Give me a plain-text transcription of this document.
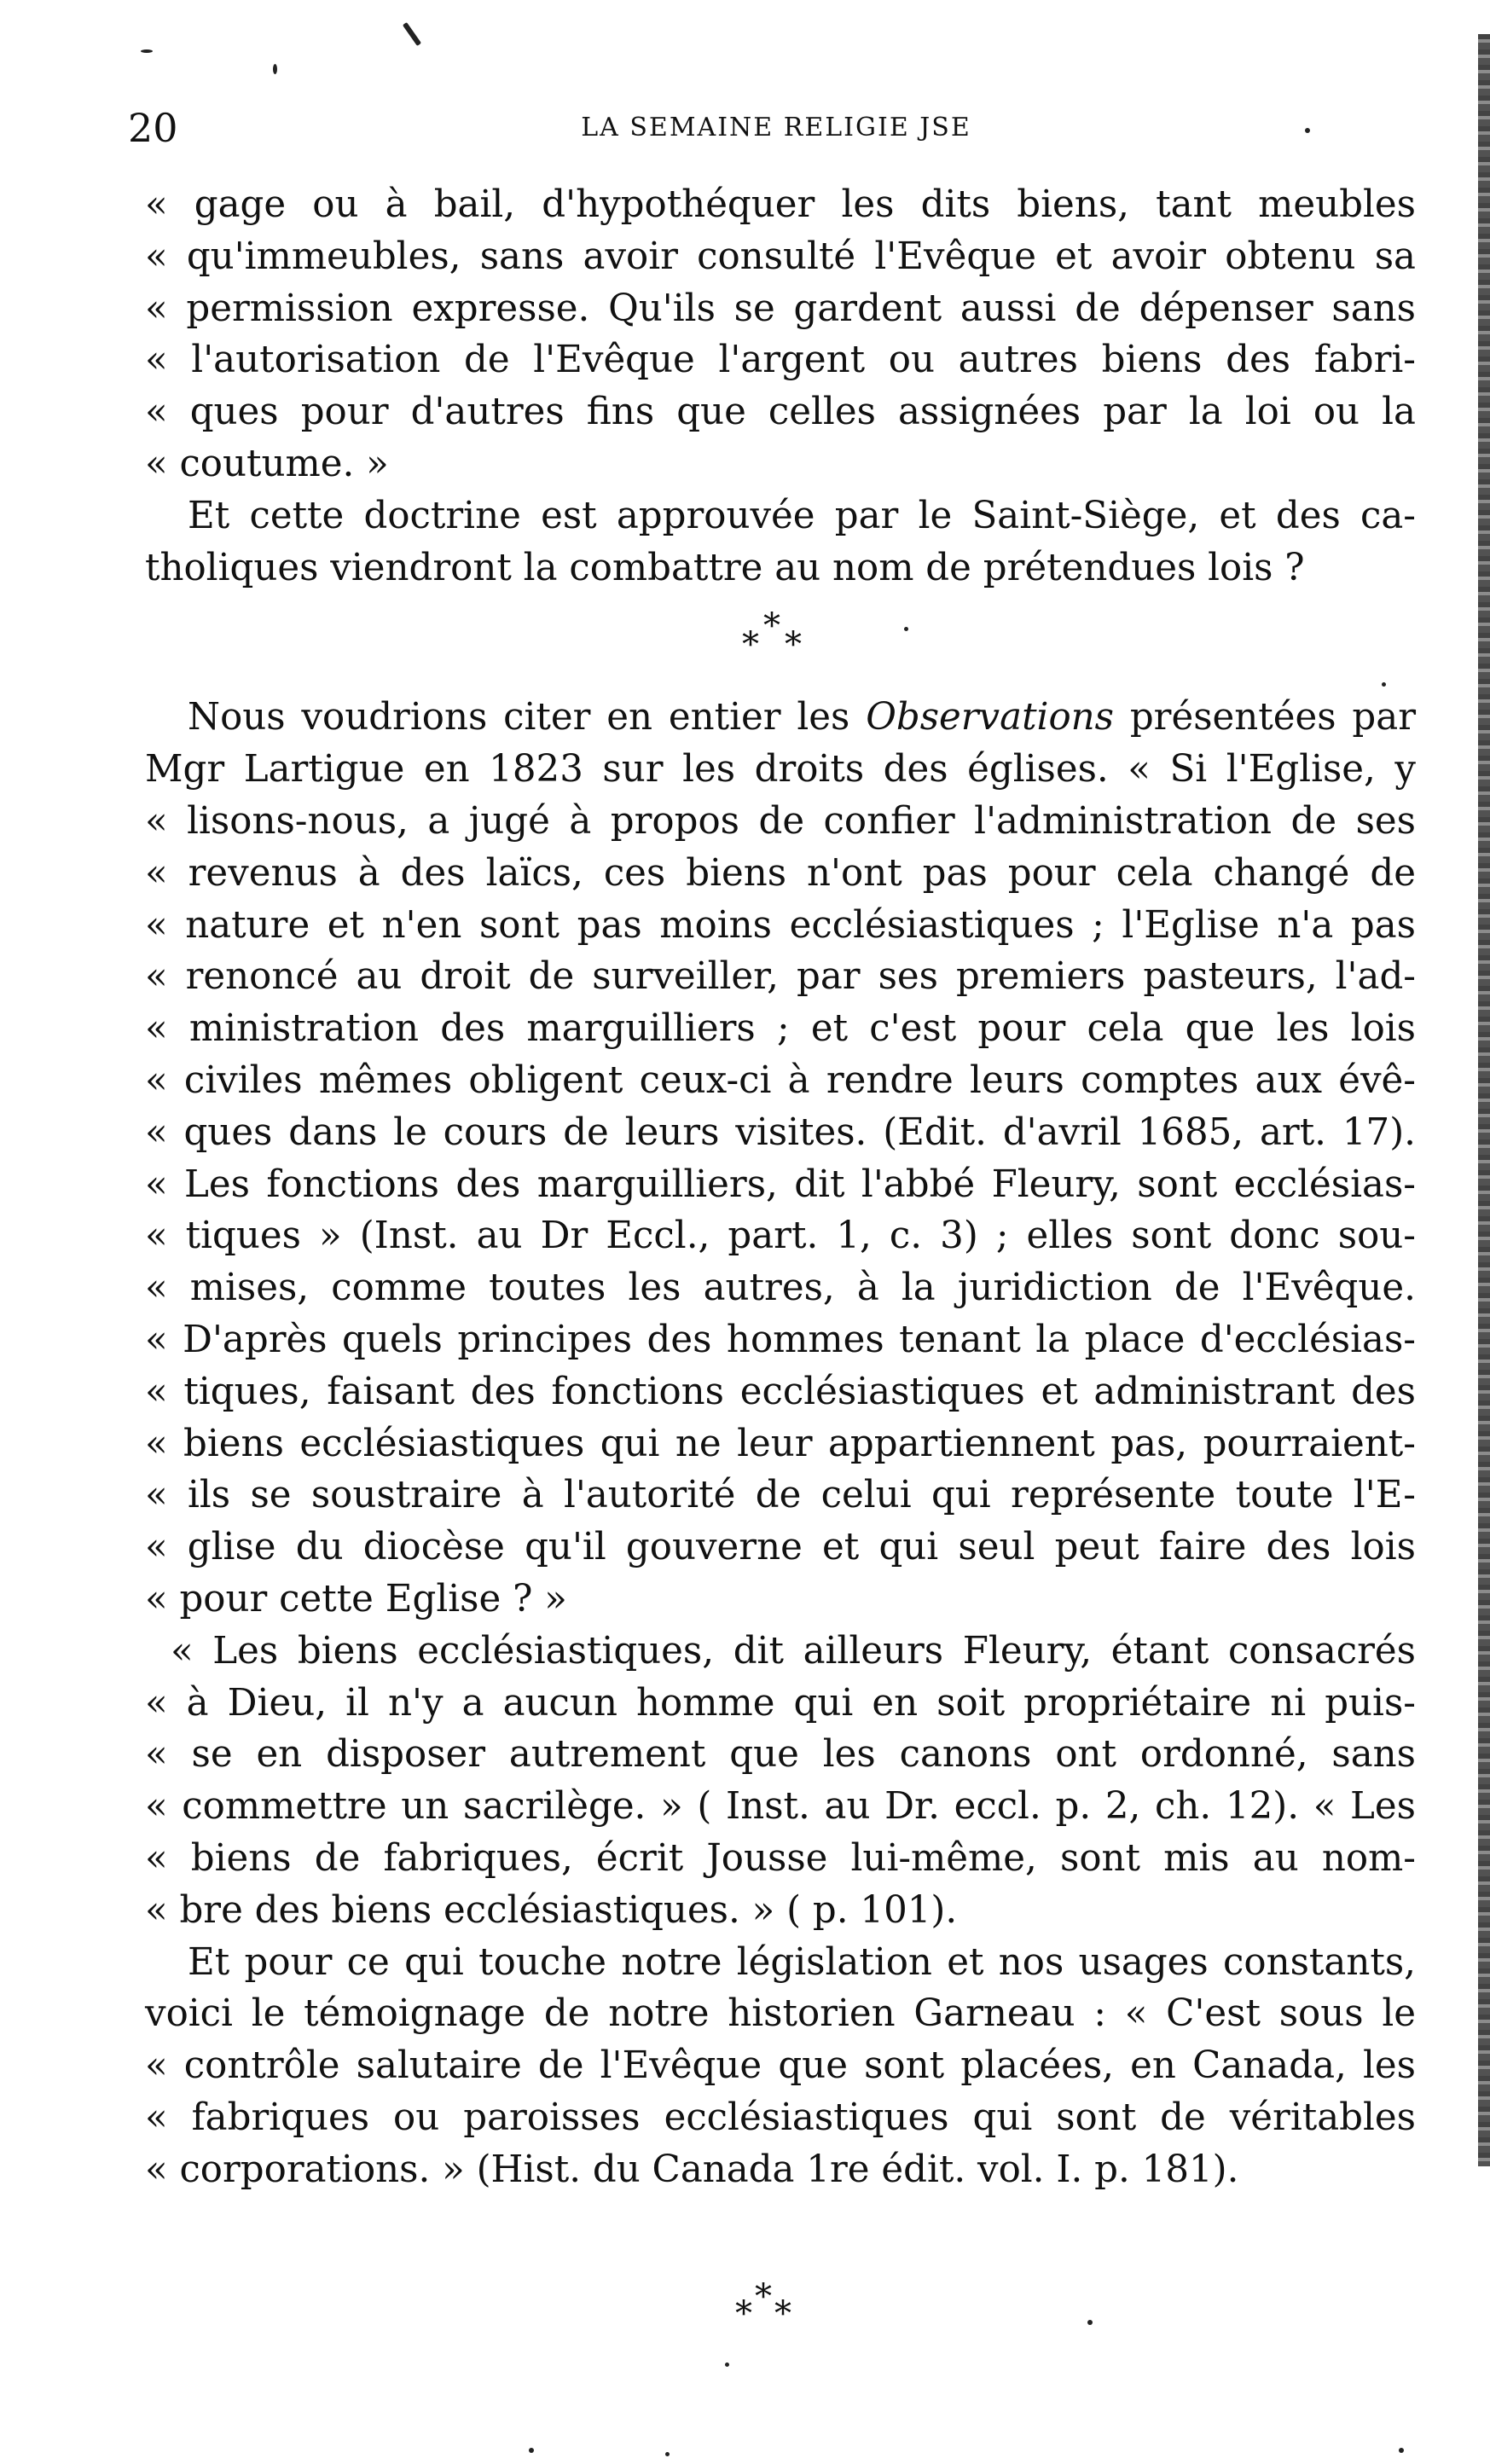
20	LA SEMAINE RELIGIE JSE
« gage ou à bail, d'hypothéquer les dits biens, tant meubles
« qu'immeubles, sans avoir consulté l'Evêque et avoir obtenu sa
« permission expresse. Qu'ils se gardent aussi de dépenser sans
« l'autorisation de l'Evêque l'argent ou autres biens des fabri-
« ques pour d'autres fins que celles assignées par la loi ou la
« coutume. »
Et cette doctrine est approuvée par le Saint-Siège, et des ca-
tholiques viendront la combattre au nom de prétendues lois ?
*
* *
Nous voudrions citer en entier les Observations présentées par
Mgr Lartigue en 1823 sur les droits des églises. « Si l'Eglise, y
« lisons-nous, a jugé à propos de confier l'administration de ses
« revenus à des laïcs, ces biens n'ont pas pour cela changé de
« nature et n'en sont pas moins ecclésiastiques ; l'Eglise n'a pas
« renoncé au droit de surveiller, par ses premiers pasteurs, l'ad-
« ministration des marguilliers ; et c'est pour cela que les lois
« civiles mêmes obligent ceux-ci à rendre leurs comptes aux évê-
« ques dans le cours de leurs visites. (Edit. d'avril 1685, art. 17).
« Les fonctions des marguilliers, dit l'abbé Fleury, sont ecclésias-
« tiques » (Inst. au Dr Eccl., part. 1, c. 3) ; elles sont donc sou-
« mises, comme toutes les autres, à la juridiction de l'Evêque.
« D'après quels principes des hommes tenant la place d'ecclésias-
« tiques, faisant des fonctions ecclésiastiques et administrant des
« biens ecclésiastiques qui ne leur appartiennent pas, pourraient-
« ils se soustraire à l'autorité de celui qui représente toute l'E-
« glise du diocèse qu'il gouverne et qui seul peut faire des lois
« pour cette Eglise ? »
« Les biens ecclésiastiques, dit ailleurs Fleury, étant consacrés
« à Dieu, il n'y a aucun homme qui en soit propriétaire ni puis-
« se en disposer autrement que les canons ont ordonné, sans
« commettre un sacrilège. » ( Inst. au Dr. eccl. p. 2, ch. 12). « Les
« biens de fabriques, écrit Jousse lui-même, sont mis au nom-
« bre des biens ecclésiastiques. » ( p. 101).
Et pour ce qui touche notre législation et nos usages constants,
voici le témoignage de notre historien Garneau : « C'est sous le
« contrôle salutaire de l'Evêque que sont placées, en Canada, les
« fabriques ou paroisses ecclésiastiques qui sont de véritables
« corporations. » (Hist. du Canada 1re édit. vol. I. p. 181).
*
* *
